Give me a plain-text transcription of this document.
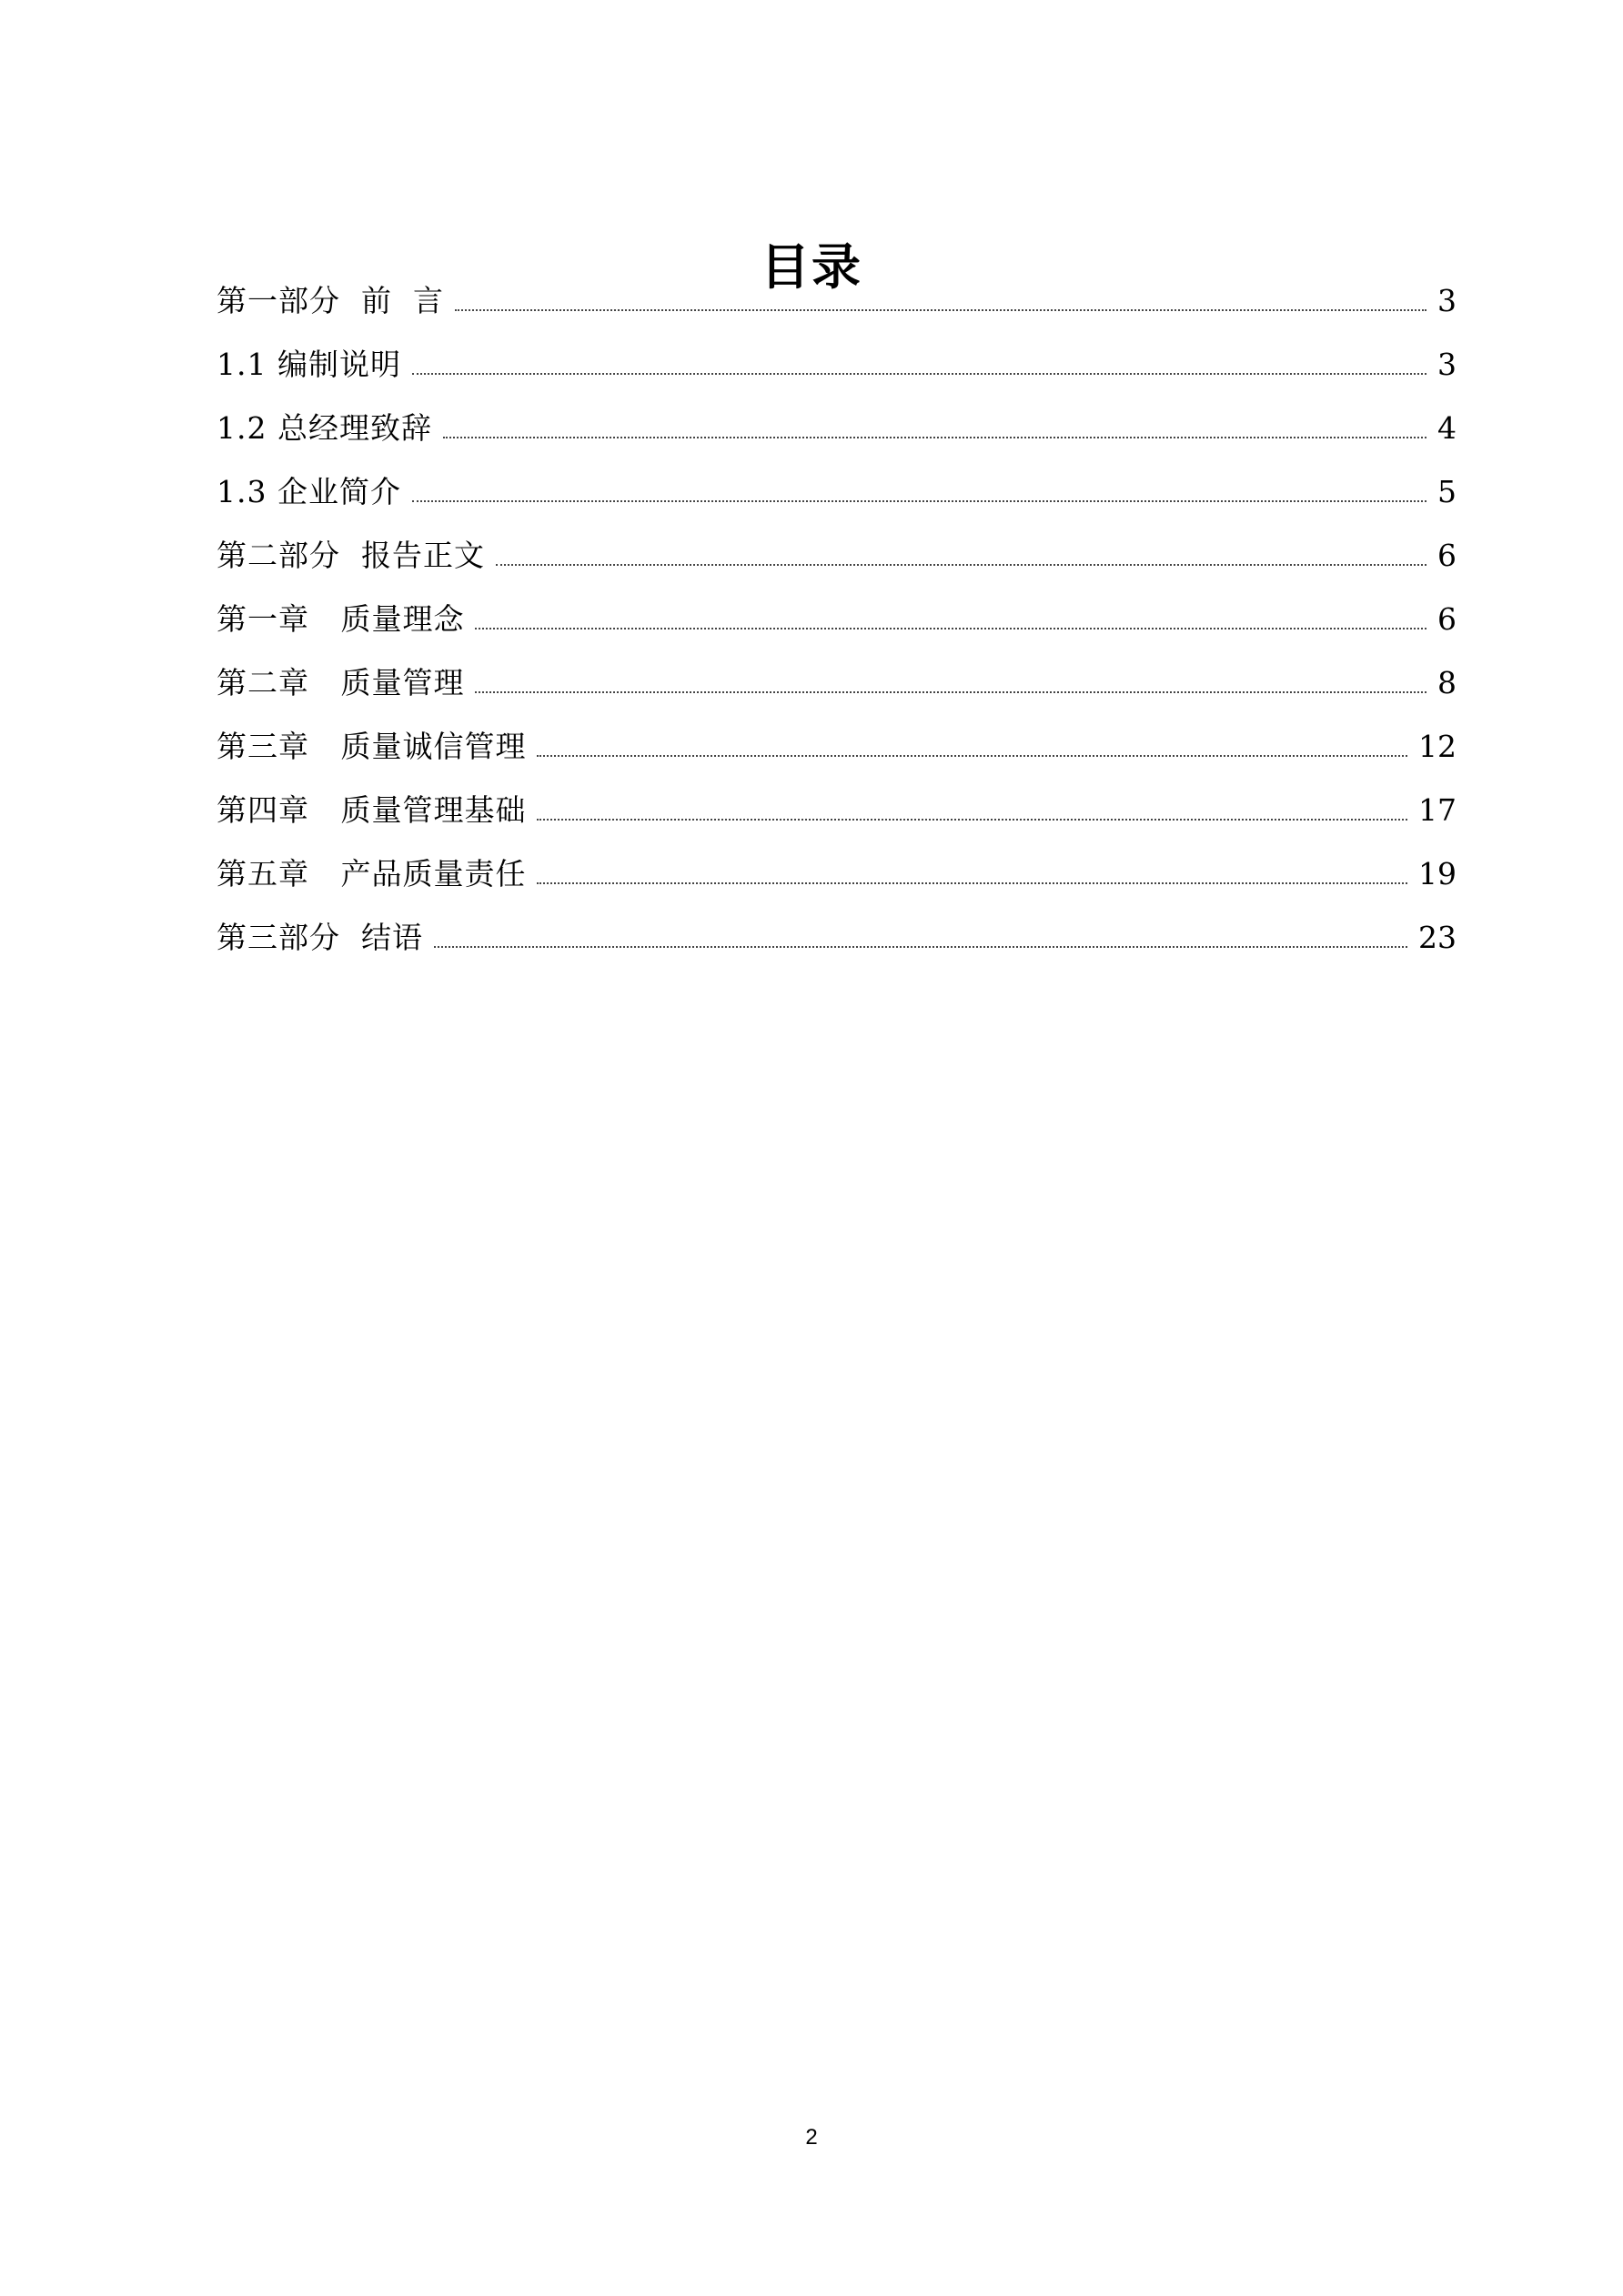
目录
第一部分  前  言	3
1.1 编制说明	3
1.2 总经理致辞	4
1.3 企业简介	5
第二部分  报告正文	6
第一章   质量理念	6
第二章   质量管理	8
第三章   质量诚信管理	12
第四章   质量管理基础	17
第五章   产品质量责任	19
第三部分  结语	23
2
